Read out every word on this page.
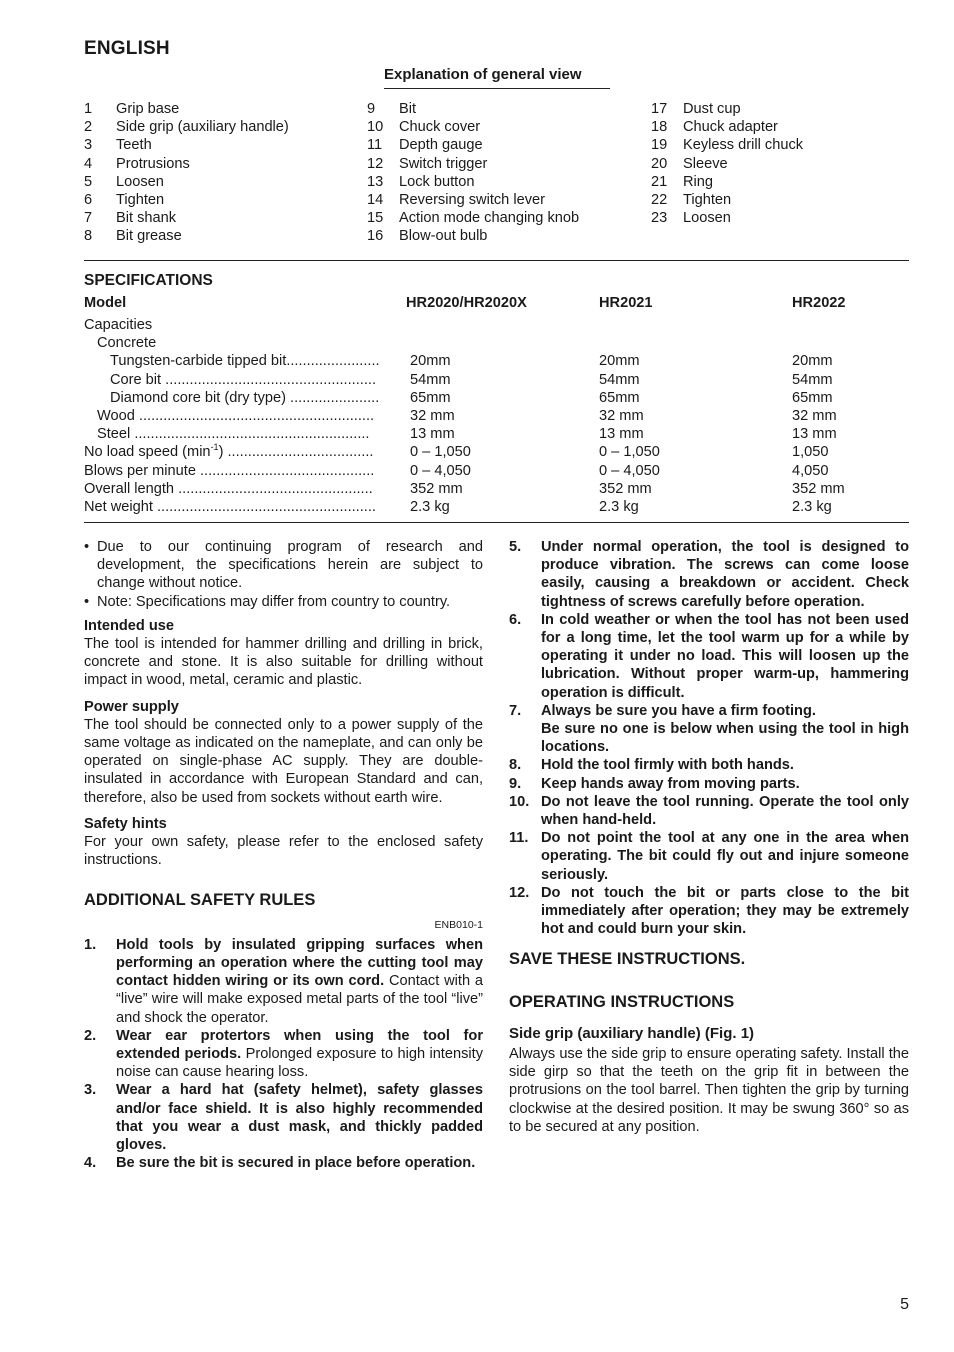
ENGLISH
Explanation of general view
1	Grip base
2	Side grip (auxiliary handle)
3	Teeth
4	Protrusions
5	Loosen
6	Tighten
7	Bit shank
8	Bit grease
9	Bit
10	Chuck cover
11	Depth gauge
12	Switch trigger
13	Lock button
14	Reversing switch lever
15	Action mode changing knob
16	Blow-out bulb
17	Dust cup
18	Chuck adapter
19	Keyless drill chuck
20	Sleeve
21	Ring
22	Tighten
23	Loosen
SPECIFICATIONS
Model	HR2020/HR2020X	HR2021	HR2022
Capacities
Concrete
Tungsten-carbide tipped bit....................... 20mm	20mm	20mm
Core bit .................................................... 54mm	54mm	54mm
Diamond core bit (dry type) ...................... 65mm	65mm	65mm
Wood .......................................................... 32 mm	32 mm	32 mm
Steel ..........................................................	13 mm	13 mm	13 mm
No load speed $(\min^{-1})$ ....................................	0 – 1,050	0 – 1,050	1,050
Blows per minute ........................................... 0 – 4,050	0 – 4,050	4,050
Overall length ................................................	352 mm	352 mm	352 mm
Net weight ...................................................... 2.3 kg	2.3 kg	2.3 kg
• Due to our continuing program of research and development, the specifications herein are subject to change without notice.
• Note: Specifications may differ from country to country.
Intended use
The tool is intended for hammer drilling and drilling in brick, concrete and stone. It is also suitable for drilling without impact in wood, metal, ceramic and plastic.
Power supply
The tool should be connected only to a power supply of the same voltage as indicated on the nameplate, and can only be operated on single-phase AC supply. They are double-insulated in accordance with European Standard and can, therefore, also be used from sockets without earth wire.
Safety hints
For your own safety, please refer to the enclosed safety instructions.
ADDITIONAL SAFETY RULES
ENB010-1
1.	Hold tools by insulated gripping surfaces when performing an operation where the cutting tool may contact hidden wiring or its own cord. Contact with a “live” wire will make exposed metal parts of the tool “live” and shock the operator.
2.	Wear ear protertors when using the tool for extended periods. Prolonged exposure to high intensity noise can cause hearing loss.
3.	Wear a hard hat (safety helmet), safety glasses and/or face shield. It is also highly recommended that you wear a dust mask, and thickly padded gloves.
4.	Be sure the bit is secured in place before operation.
5.	Under normal operation, the tool is designed to produce vibration. The screws can come loose easily, causing a breakdown or accident. Check tightness of screws carefully before operation.
6.	In cold weather or when the tool has not been used for a long time, let the tool warm up for a while by operating it under no load. This will loosen up the lubrication. Without proper warm-up, hammering operation is difficult.
7.	Always be sure you have a firm footing.
Be sure no one is below when using the tool in high locations.
8.	Hold the tool firmly with both hands.
9.	Keep hands away from moving parts.
10. Do not leave the tool running. Operate the tool only when hand-held.
11. Do not point the tool at any one in the area when operating. The bit could fly out and injure someone seriously.
12. Do not touch the bit or parts close to the bit immediately after operation; they may be extremely hot and could burn your skin.
SAVE THESE INSTRUCTIONS.
OPERATING INSTRUCTIONS
Side grip (auxiliary handle) (Fig. 1)
Always use the side grip to ensure operating safety. Install the side girp so that the teeth on the grip fit in between the protrusions on the tool barrel. Then tighten the grip by turning clockwise at the desired position. It may be swung 360° so as to be secured at any position.
5
